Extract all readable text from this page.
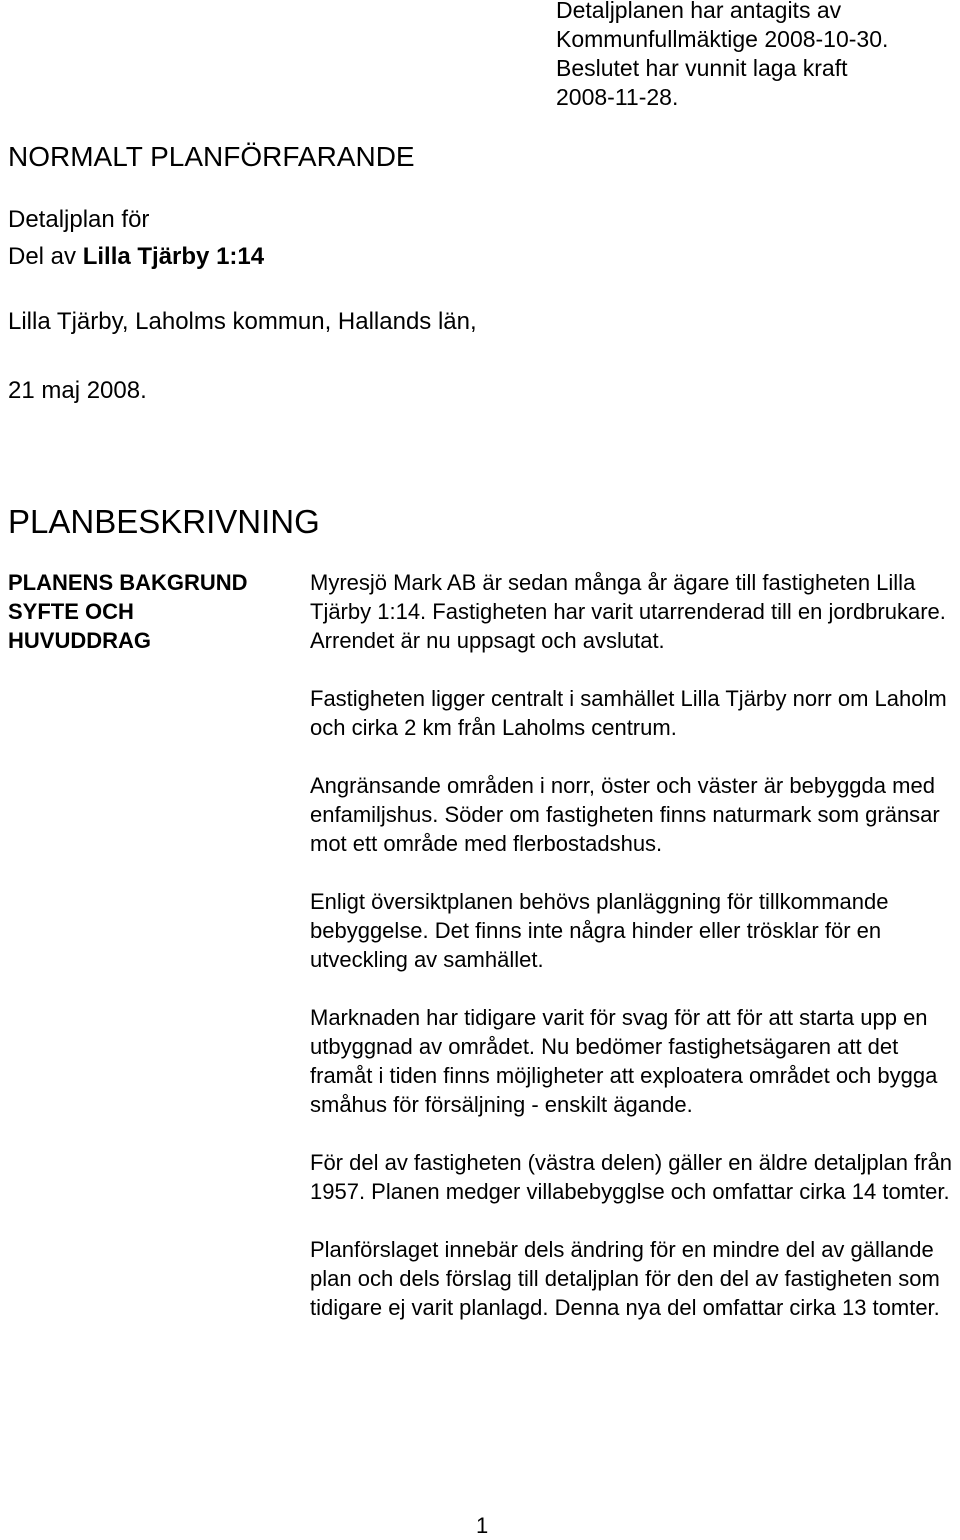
Detaljplanen har antagits av
Kommunfullmäktige 2008-10-30.
Beslutet har vunnit laga kraft
2008-11-28.
NORMALT PLANFÖRFARANDE
Detaljplan för
Del av Lilla Tjärby 1:14
Lilla Tjärby, Laholms kommun, Hallands län,
21 maj 2008.
PLANBESKRIVNING
PLANENS BAKGRUND
SYFTE OCH
HUVUDDRAG

Myresjö Mark AB är sedan många år ägare till fastigheten Lilla Tjärby 1:14. Fastigheten har varit utarrenderad till en jordbrukare. Arrendet är nu uppsagt och avslutat.

Fastigheten ligger centralt i samhället Lilla Tjärby norr om Laholm och cirka 2 km från Laholms centrum.

Angränsande områden i norr, öster och väster är bebyggda med enfamiljshus. Söder om fastigheten finns naturmark som gränsar mot ett område med flerbostadshus.

Enligt översiktplanen behövs planläggning för tillkommande bebyggelse. Det finns inte några hinder eller trösklar för en utveckling av samhället.

Marknaden har tidigare varit för svag för att för att starta upp en utbyggnad av området. Nu bedömer fastighetsägaren att det framåt i tiden finns möjligheter att exploatera området och bygga småhus för försäljning - enskilt ägande.

För del av fastigheten (västra delen) gäller en äldre detaljplan från 1957. Planen medger villabebygglse och omfattar cirka 14 tomter.

Planförslaget innebär dels ändring för en mindre del av gällande plan och dels förslag till detaljplan för den del av fastigheten som tidigare ej varit planlagd. Denna nya del omfattar cirka 13 tomter.

1
